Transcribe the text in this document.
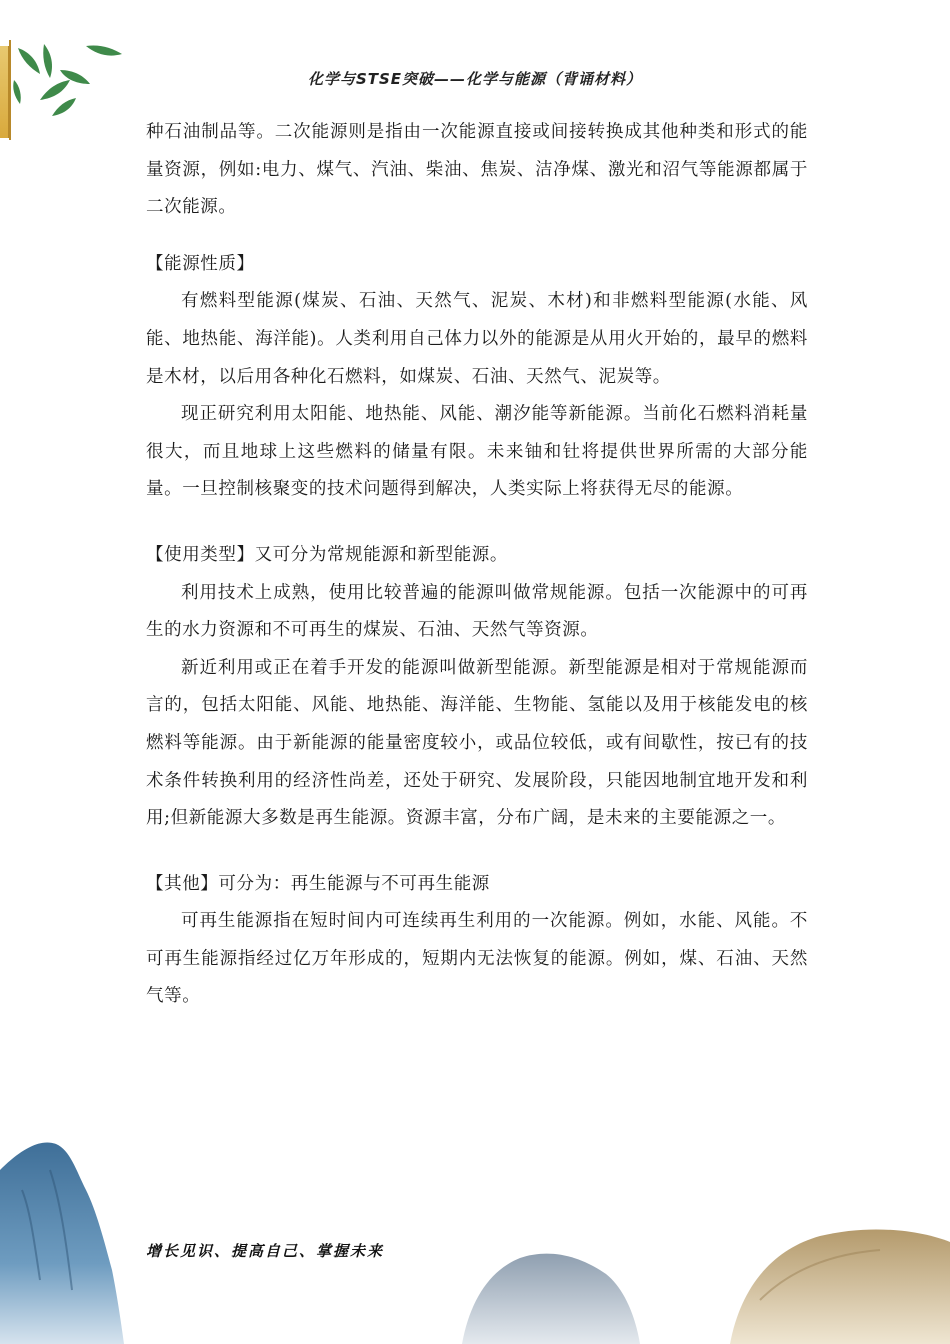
化学与STSE突破——化学与能源（背诵材料）

种石油制品等。二次能源则是指由一次能源直接或间接转换成其他种类和形式的能量资源，例如:电力、煤气、汽油、柴油、焦炭、洁净煤、激光和沼气等能源都属于二次能源。

【能源性质】

有燃料型能源(煤炭、石油、天然气、泥炭、木材)和非燃料型能源(水能、风能、地热能、海洋能)。人类利用自己体力以外的能源是从用火开始的，最早的燃料是木材，以后用各种化石燃料，如煤炭、石油、天然气、泥炭等。

现正研究利用太阳能、地热能、风能、潮汐能等新能源。当前化石燃料消耗量很大，而且地球上这些燃料的储量有限。未来铀和钍将提供世界所需的大部分能量。一旦控制核聚变的技术问题得到解决，人类实际上将获得无尽的能源。

【使用类型】又可分为常规能源和新型能源。

利用技术上成熟，使用比较普遍的能源叫做常规能源。包括一次能源中的可再生的水力资源和不可再生的煤炭、石油、天然气等资源。

新近利用或正在着手开发的能源叫做新型能源。新型能源是相对于常规能源而言的，包括太阳能、风能、地热能、海洋能、生物能、氢能以及用于核能发电的核燃料等能源。由于新能源的能量密度较小，或品位较低，或有间歇性，按已有的技术条件转换利用的经济性尚差，还处于研究、发展阶段，只能因地制宜地开发和利用;但新能源大多数是再生能源。资源丰富，分布广阔，是未来的主要能源之一。

【其他】可分为：再生能源与不可再生能源

可再生能源指在短时间内可连续再生利用的一次能源。例如，水能、风能。不可再生能源指经过亿万年形成的，短期内无法恢复的能源。例如，煤、石油、天然气等。

增长见识、提高自己、掌握未来
